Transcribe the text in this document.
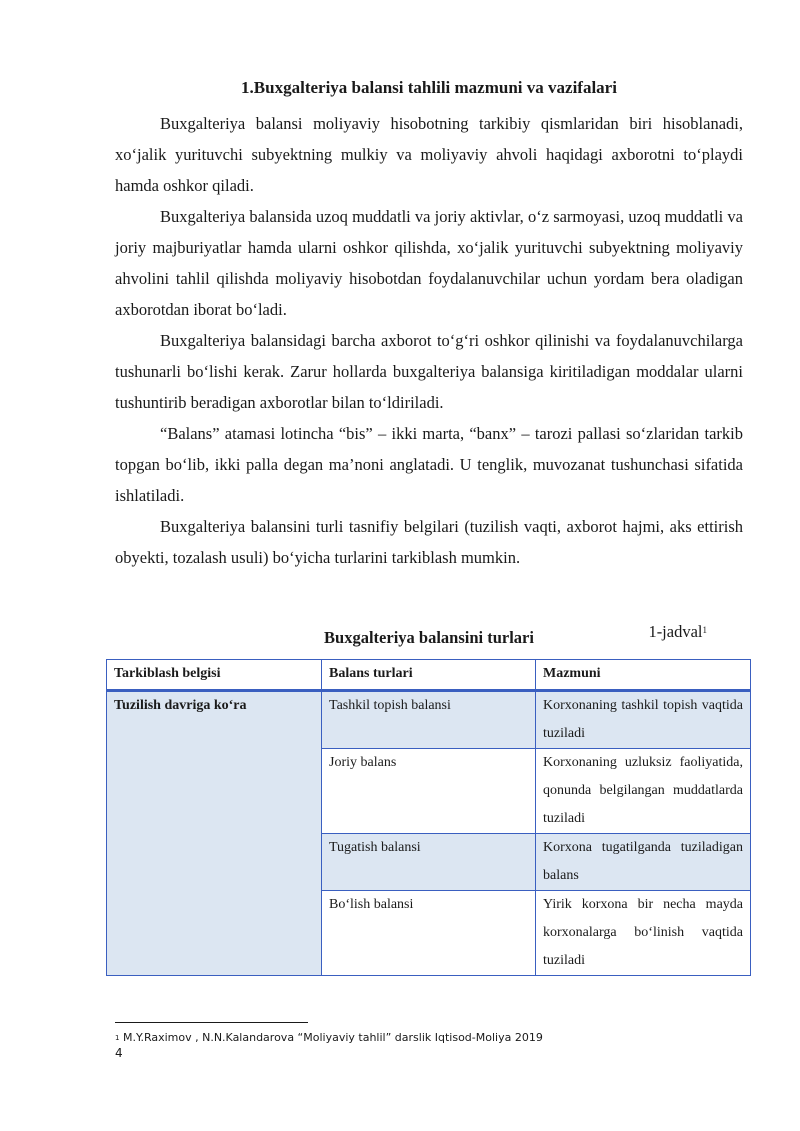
1.Buxgalteriya balansi tahlili mazmuni va vazifalari

Buxgalteriya balansi moliyaviy hisobotning tarkibiy qismlaridan biri hisoblanadi, xo‘jalik yurituvchi subyektning mulkiy va moliyaviy ahvoli haqidagi axborotni to‘playdi hamda oshkor qiladi.

Buxgalteriya balansida uzoq muddatli va joriy aktivlar, o‘z sarmoyasi, uzoq muddatli va joriy majburiyatlar hamda ularni oshkor qilishda, xo‘jalik yurituvchi subyektning moliyaviy ahvolini tahlil qilishda moliyaviy hisobotdan foydalanuvchilar uchun yordam bera oladigan axborotdan iborat bo‘ladi.

Buxgalteriya balansidagi barcha axborot to‘g‘ri oshkor qilinishi va foydalanuvchilarga tushunarli bo‘lishi kerak. Zarur hollarda buxgalteriya balansiga kiritiladigan moddalar ularni tushuntirib beradigan axborotlar bilan to‘ldiriladi.

“Balans” atamasi lotincha “bis” – ikki marta, “banx” – tarozi pallasi so‘zlaridan tarkib topgan bo‘lib, ikki palla degan ma’noni anglatadi. U tenglik, muvozanat tushunchasi sifatida ishlatiladi.

Buxgalteriya balansini turli tasnifiy belgilari (tuzilish vaqti, axborot hajmi, aks ettirish obyekti, tozalash usuli) bo‘yicha turlarini tarkiblash mumkin.

1-jadval$^1$
Buxgalteriya balansini turlari
Tarkiblash belgisi	Balans turlari	Mazmuni
Tuzilish davriga ko‘ra	Tashkil topish balansi	Korxonaning tashkil topish vaqtida tuziladi
	Joriy balans	Korxonaning uzluksiz faoliyatida, qonunda belgilangan muddatlarda tuziladi
	Tugatish balansi	Korxona tugatilganda tuziladigan balans
	Bo‘lish balansi	Yirik korxona bir necha mayda korxonalarga bo‘linish vaqtida tuziladi
$^1$ M.Y.Raximov , N.N.Kalandarova “Moliyaviy tahlil” darslik Iqtisod-Moliya 2019
4
